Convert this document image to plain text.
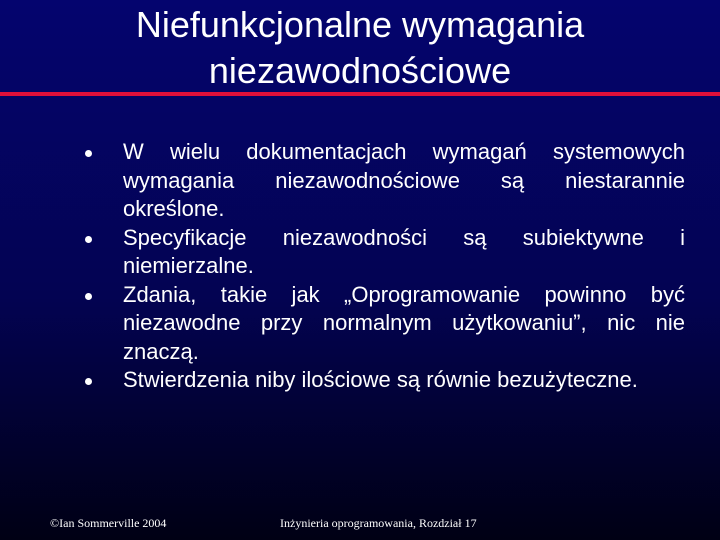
Niefunkcjonalne wymagania
niezawodnościowe
W wielu dokumentacjach wymagań systemowych wymagania niezawodnościowe są niestarannie określone.
Specyfikacje niezawodności są subiektywne i niemierzalne.
Zdania, takie jak „Oprogramowanie powinno być niezawodne przy normalnym użytkowaniu”, nic nie znaczą.
Stwierdzenia niby ilościowe są równie bezużyteczne.
©Ian Sommerville 2004	Inżynieria oprogramowania, Rozdział 17
